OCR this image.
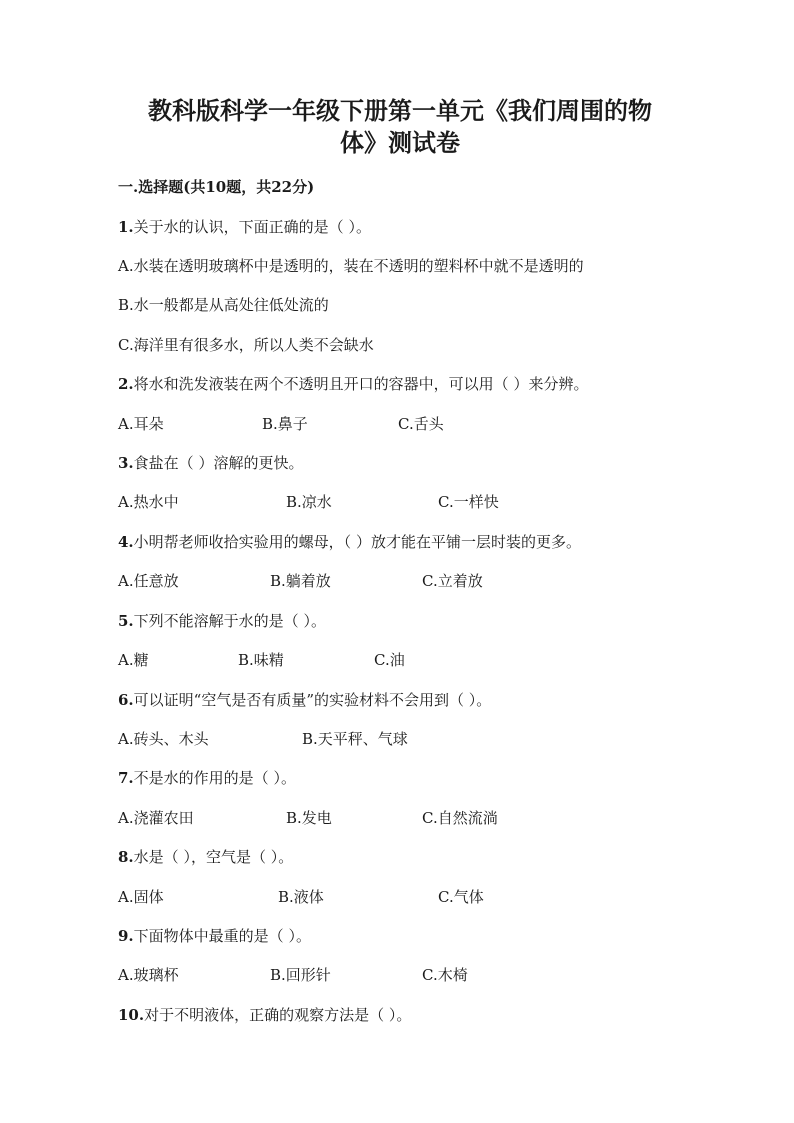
教科版科学一年级下册第一单元《我们周围的物
体》测试卷
一.选择题(共10题，共22分)
1.关于水的认识，下面正确的是（ ）。
A.水装在透明玻璃杯中是透明的，装在不透明的塑料杯中就不是透明的
B.水一般都是从高处往低处流的
C.海洋里有很多水，所以人类不会缺水
2.将水和洗发液装在两个不透明且开口的容器中，可以用（ ）来分辨。
A.耳朵	B.鼻子	C.舌头
3.食盐在（ ）溶解的更快。
A.热水中	B.凉水	C.一样快
4.小明帮老师收拾实验用的螺母，（ ）放才能在平铺一层时装的更多。
A.任意放	B.躺着放	C.立着放
5.下列不能溶解于水的是（ ）。
A.糖	B.味精	C.油
6.可以证明“空气是否有质量”的实验材料不会用到（ ）。
A.砖头、木头	B.天平秤、气球
7.不是水的作用的是（ ）。
A.浇灌农田	B.发电	C.自然流淌
8.水是（ ），空气是（ ）。
A.固体	B.液体	C.气体
9.下面物体中最重的是（ ）。
A.玻璃杯	B.回形针	C.木椅
10.对于不明液体，正确的观察方法是（ ）。
